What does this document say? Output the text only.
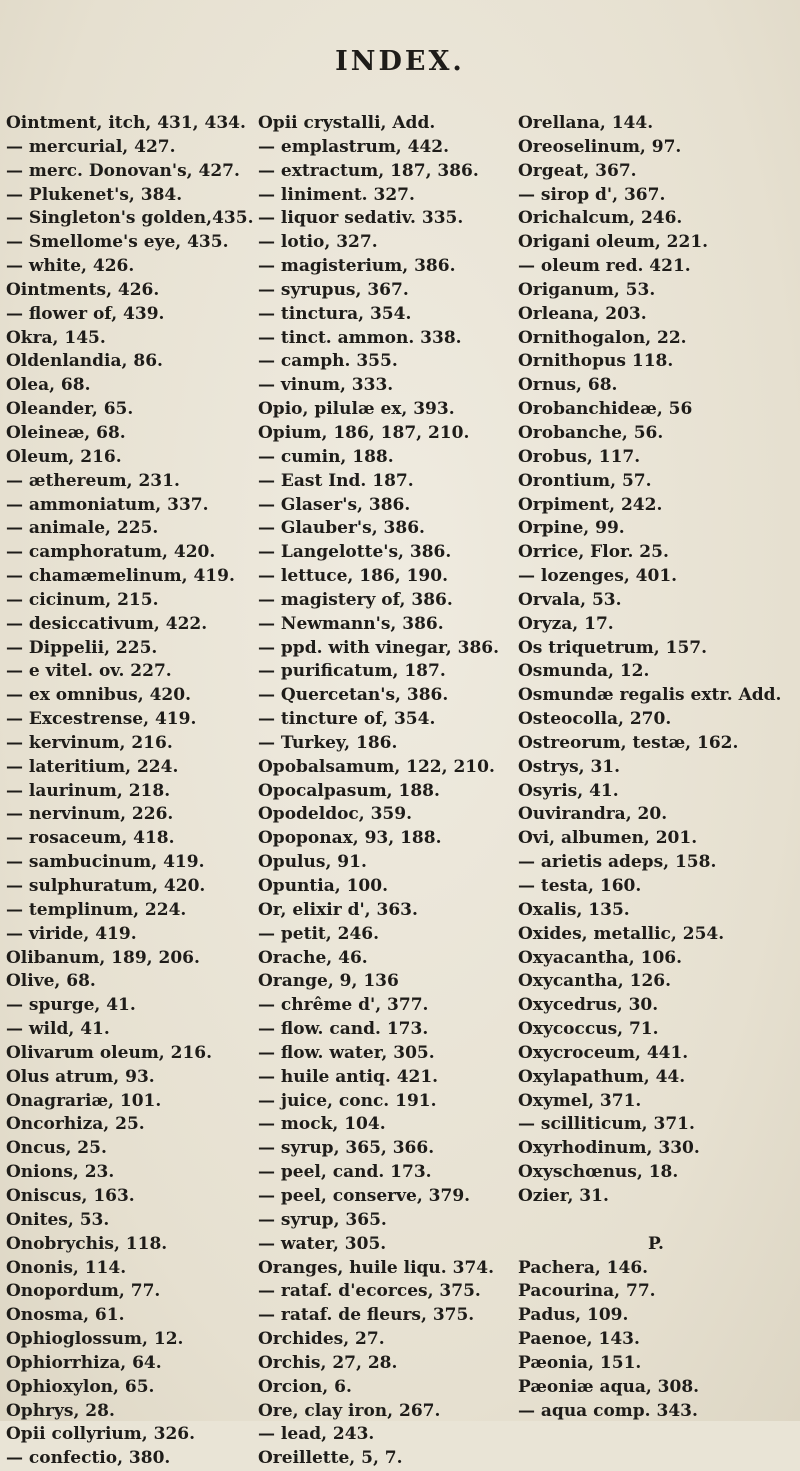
INDEX.
Ointment, itch, 431, 434.
— mercurial, 427.
— merc. Donovan's, 427.
— Plukenet's, 384.
— Singleton's golden,435.
— Smellome's eye, 435.
— white, 426.
Ointments, 426.
— flower of, 439.
Okra, 145.
Oldenlandia, 86.
Olea, 68.
Oleander, 65.
Oleineæ, 68.
Oleum, 216.
— æthereum, 231.
— ammoniatum, 337.
— animale, 225.
— camphoratum, 420.
— chamæmelinum, 419.
— cicinum, 215.
— desiccativum, 422.
— Dippelii, 225.
— e vitel. ov. 227.
— ex omnibus, 420.
— Excestrense, 419.
— kervinum, 216.
— lateritium, 224.
— laurinum, 218.
— nervinum, 226.
— rosaceum, 418.
— sambucinum, 419.
— sulphuratum, 420.
— templinum, 224.
— viride, 419.
Olibanum, 189, 206.
Olive, 68.
— spurge, 41.
— wild, 41.
Olivarum oleum, 216.
Olus atrum, 93.
Onagrariæ, 101.
Oncorhiza, 25.
Oncus, 25.
Onions, 23.
Oniscus, 163.
Onites, 53.
Onobrychis, 118.
Ononis, 114.
Onopordum, 77.
Onosma, 61.
Ophioglossum, 12.
Ophiorrhiza, 64.
Ophioxylon, 65.
Ophrys, 28.
Opii collyrium, 326.
— confectio, 380.
Opii crystalli, Add.
— emplastrum, 442.
— extractum, 187, 386.
— liniment. 327.
— liquor sedativ. 335.
— lotio, 327.
— magisterium, 386.
— syrupus, 367.
— tinctura, 354.
— tinct. ammon. 338.
— camph. 355.
— vinum, 333.
Opio, pilulæ ex, 393.
Opium, 186, 187, 210.
— cumin, 188.
— East Ind. 187.
— Glaser's, 386.
— Glauber's, 386.
— Langelotte's, 386.
— lettuce, 186, 190.
— magistery of, 386.
— Newmann's, 386.
— ppd. with vinegar, 386.
— purificatum, 187.
— Quercetan's, 386.
— tincture of, 354.
— Turkey, 186.
Opobalsamum, 122, 210.
Opocalpasum, 188.
Opodeldoc, 359.
Opoponax, 93, 188.
Opulus, 91.
Opuntia, 100.
Or, elixir d', 363.
— petit, 246.
Orache, 46.
Orange, 9, 136
— chrême d', 377.
— flow. cand. 173.
— flow. water, 305.
— huile antiq. 421.
— juice, conc. 191.
— mock, 104.
— syrup, 365, 366.
— peel, cand. 173.
— peel, conserve, 379.
— syrup, 365.
— water, 305.
Oranges, huile liqu. 374.
— rataf. d'ecorces, 375.
— rataf. de fleurs, 375.
Orchides, 27.
Orchis, 27, 28.
Orcion, 6.
Ore, clay iron, 267.
— lead, 243.
Oreillette, 5, 7.
Orellana, 144.
Oreoselinum, 97.
Orgeat, 367.
— sirop d', 367.
Orichalcum, 246.
Origani oleum, 221.
— oleum red. 421.
Origanum, 53.
Orleana, 203.
Ornithogalon, 22.
Ornithopus 118.
Ornus, 68.
Orobanchideæ, 56
Orobanche, 56.
Orobus, 117.
Orontium, 57.
Orpiment, 242.
Orpine, 99.
Orrice, Flor. 25.
— lozenges, 401.
Orvala, 53.
Oryza, 17.
Os triquetrum, 157.
Osmunda, 12.
Osmundæ regalis extr. Add.
Osteocolla, 270.
Ostreorum, testæ, 162.
Ostrys, 31.
Osyris, 41.
Ouvirandra, 20.
Ovi, albumen, 201.
— arietis adeps, 158.
— testa, 160.
Oxalis, 135.
Oxides, metallic, 254.
Oxyacantha, 106.
Oxycantha, 126.
Oxycedrus, 30.
Oxycoccus, 71.
Oxycroceum, 441.
Oxylapathum, 44.
Oxymel, 371.
— scilliticum, 371.
Oxyrhodinum, 330.
Oxyschœnus, 18.
Ozier, 31.
P.
Pachera, 146.
Pacourina, 77.
Padus, 109.
Paenoe, 143.
Pæonia, 151.
Pæoniæ aqua, 308.
— aqua comp. 343.
